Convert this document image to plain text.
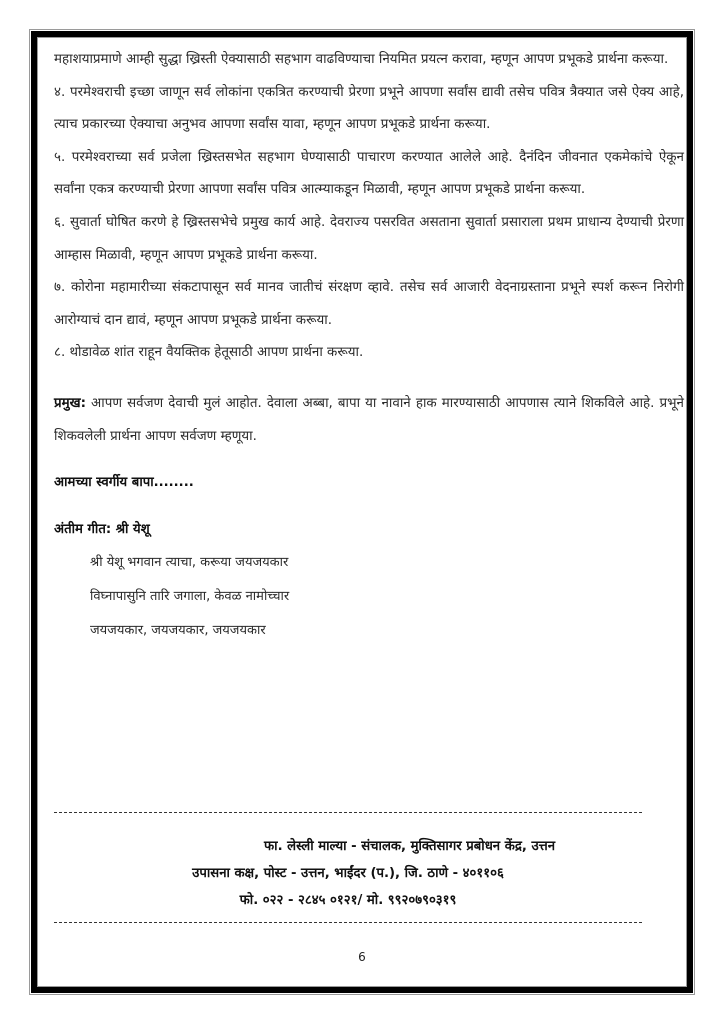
महाशयाप्रमाणे आम्ही सुद्धा ख्रिस्ती ऐक्यासाठी सहभाग वाढविण्याचा नियमित प्रयत्न करावा, म्हणून आपण प्रभूकडे प्रार्थना करूया.

४. परमेश्वराची इच्छा जाणून सर्व लोकांना एकत्रित करण्याची प्रेरणा प्रभूने आपणा सर्वांस द्यावी तसेच पवित्र त्रैक्यात जसे ऐक्य आहे, त्याच प्रकारच्या ऐक्याचा अनुभव आपणा सर्वांस यावा, म्हणून आपण प्रभूकडे प्रार्थना करूया.

५. परमेश्वराच्या सर्व प्रजेला ख्रिस्तसभेत सहभाग घेण्यासाठी पाचारण करण्यात आलेले आहे. दैनंदिन जीवनात एकमेकांचे ऐकून सर्वांना एकत्र करण्याची प्रेरणा आपणा सर्वांस पवित्र आत्म्याकडून मिळावी, म्हणून आपण प्रभूकडे प्रार्थना करूया.

६. सुवार्ता घोषित करणे हे ख्रिस्तसभेचे प्रमुख कार्य आहे. देवराज्य पसरवित असताना सुवार्ता प्रसाराला प्रथम प्राधान्य देण्याची प्रेरणा आम्हास मिळावी, म्हणून आपण प्रभूकडे प्रार्थना करूया.

७. कोरोना महामारीच्या संकटापासून सर्व मानव जातीचं संरक्षण व्हावे. तसेच सर्व आजारी वेदनाग्रस्ताना प्रभूने स्पर्श करून निरोगी आरोग्याचं दान द्यावं, म्हणून आपण प्रभूकडे प्रार्थना करूया.

८. थोडावेळ शांत राहून वैयक्तिक हेतूसाठी आपण प्रार्थना करूया.

प्रमुख: आपण सर्वजण देवाची मुलं आहोत. देवाला अब्बा, बापा या नावाने हाक मारण्यासाठी आपणास त्याने शिकविले आहे. प्रभूने शिकवलेली प्रार्थना आपण सर्वजण म्हणूया.

आमच्या स्वर्गीय बापा........

अंतीम गीत: श्री येशू

श्री येशू भगवान त्याचा, करूया जयजयकार
विघ्नापासुनि तारि जगाला, केवळ नामोच्चार
जयजयकार, जयजयकार, जयजयकार
फा. लेस्ली माल्या - संचालक, मुक्तिसागर प्रबोधन केंद्र, उत्तन
उपासना कक्ष, पोस्ट - उत्तन, भाईंदर (प.), जि. ठाणे - ४०११०६
फो. ०२२ - २८४५ ०१२१/ मो. ९९२०७९०३१९
6
